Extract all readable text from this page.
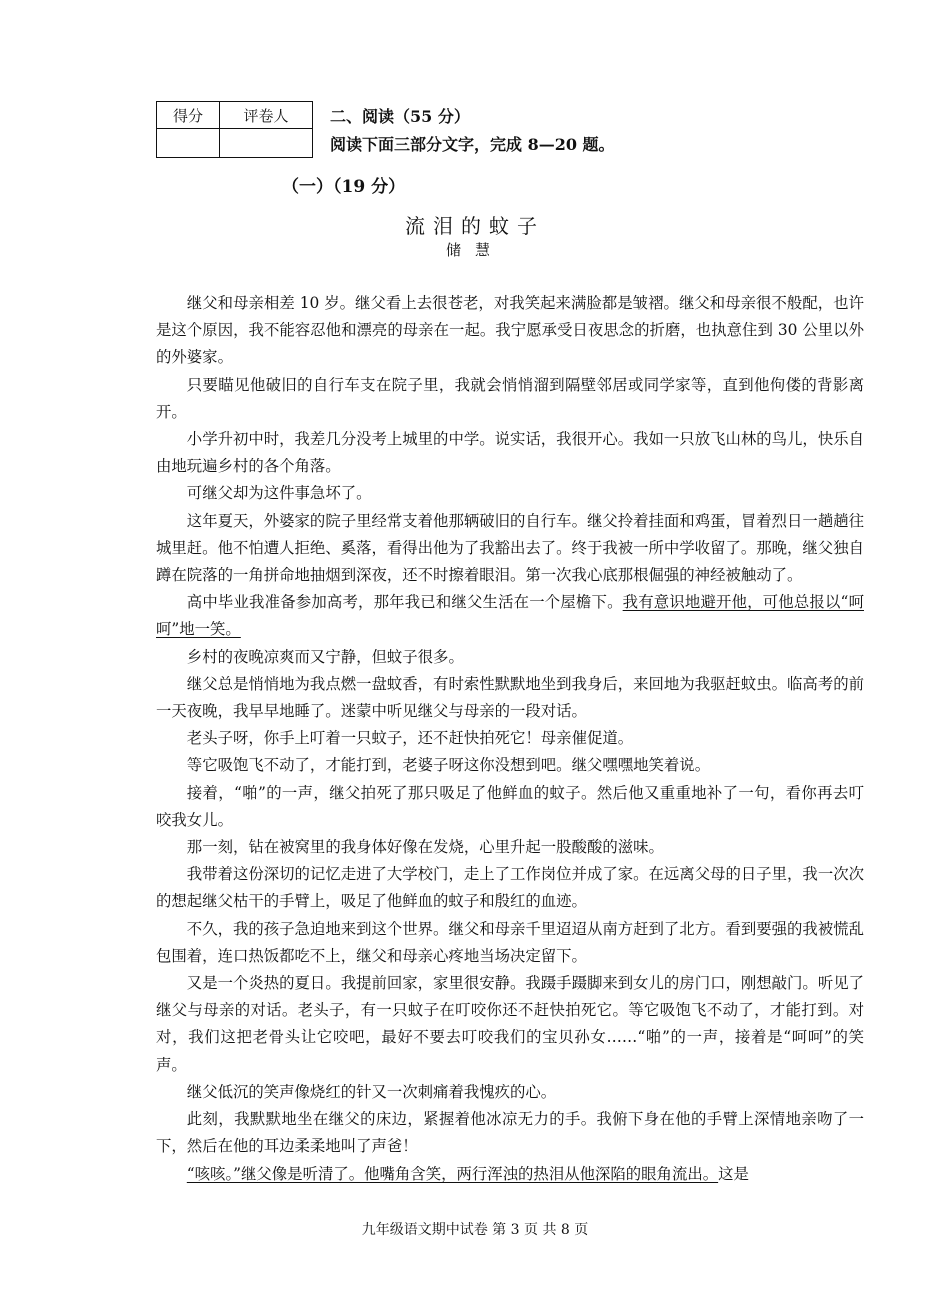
得分	评卷人
		二、阅读（55 分）
阅读下面三部分文字，完成 8—20 题。
（一）（19 分）
流泪的蚊子
储慧

继父和母亲相差 10 岁。继父看上去很苍老，对我笑起来满脸都是皱褶。继父和母亲很不般配，也许是这个原因，我不能容忍他和漂亮的母亲在一起。我宁愿承受日夜思念的折磨，也执意住到 30 公里以外的外婆家。

只要瞄见他破旧的自行车支在院子里，我就会悄悄溜到隔壁邻居或同学家等，直到他佝偻的背影离开。

小学升初中时，我差几分没考上城里的中学。说实话，我很开心。我如一只放飞山林的鸟儿，快乐自由地玩遍乡村的各个角落。

可继父却为这件事急坏了。

这年夏天，外婆家的院子里经常支着他那辆破旧的自行车。继父拎着挂面和鸡蛋，冒着烈日一趟趟往城里赶。他不怕遭人拒绝、奚落，看得出他为了我豁出去了。终于我被一所中学收留了。那晚，继父独自蹲在院落的一角拼命地抽烟到深夜，还不时擦着眼泪。第一次我心底那根倔强的神经被触动了。

高中毕业我准备参加高考，那年我已和继父生活在一个屋檐下。我有意识地避开他，可他总报以“呵呵”地一笑。

乡村的夜晚凉爽而又宁静，但蚊子很多。

继父总是悄悄地为我点燃一盘蚊香，有时索性默默地坐到我身后，来回地为我驱赶蚊虫。临高考的前一天夜晚，我早早地睡了。迷蒙中听见继父与母亲的一段对话。

老头子呀，你手上叮着一只蚊子，还不赶快拍死它！母亲催促道。

等它吸饱飞不动了，才能打到，老婆子呀这你没想到吧。继父嘿嘿地笑着说。

接着，“啪”的一声，继父拍死了那只吸足了他鲜血的蚊子。然后他又重重地补了一句，看你再去叮咬我女儿。

那一刻，钻在被窝里的我身体好像在发烧，心里升起一股酸酸的滋味。

我带着这份深切的记忆走进了大学校门，走上了工作岗位并成了家。在远离父母的日子里，我一次次的想起继父枯干的手臂上，吸足了他鲜血的蚊子和殷红的血迹。

不久，我的孩子急迫地来到这个世界。继父和母亲千里迢迢从南方赶到了北方。看到要强的我被慌乱包围着，连口热饭都吃不上，继父和母亲心疼地当场决定留下。

又是一个炎热的夏日。我提前回家，家里很安静。我蹑手蹑脚来到女儿的房门口，刚想敲门。听见了继父与母亲的对话。老头子，有一只蚊子在叮咬你还不赶快拍死它。等它吸饱飞不动了，才能打到。对对，我们这把老骨头让它咬吧，最好不要去叮咬我们的宝贝孙女……“啪”的一声，接着是“呵呵”的笑声。

继父低沉的笑声像烧红的针又一次刺痛着我愧疚的心。

此刻，我默默地坐在继父的床边，紧握着他冰凉无力的手。我俯下身在他的手臂上深情地亲吻了一下，然后在他的耳边柔柔地叫了声爸！

“咳咳。”继父像是听清了。他嘴角含笑，两行浑浊的热泪从他深陷的眼角流出。这是

九年级语文期中试卷 第 3 页 共 8 页
